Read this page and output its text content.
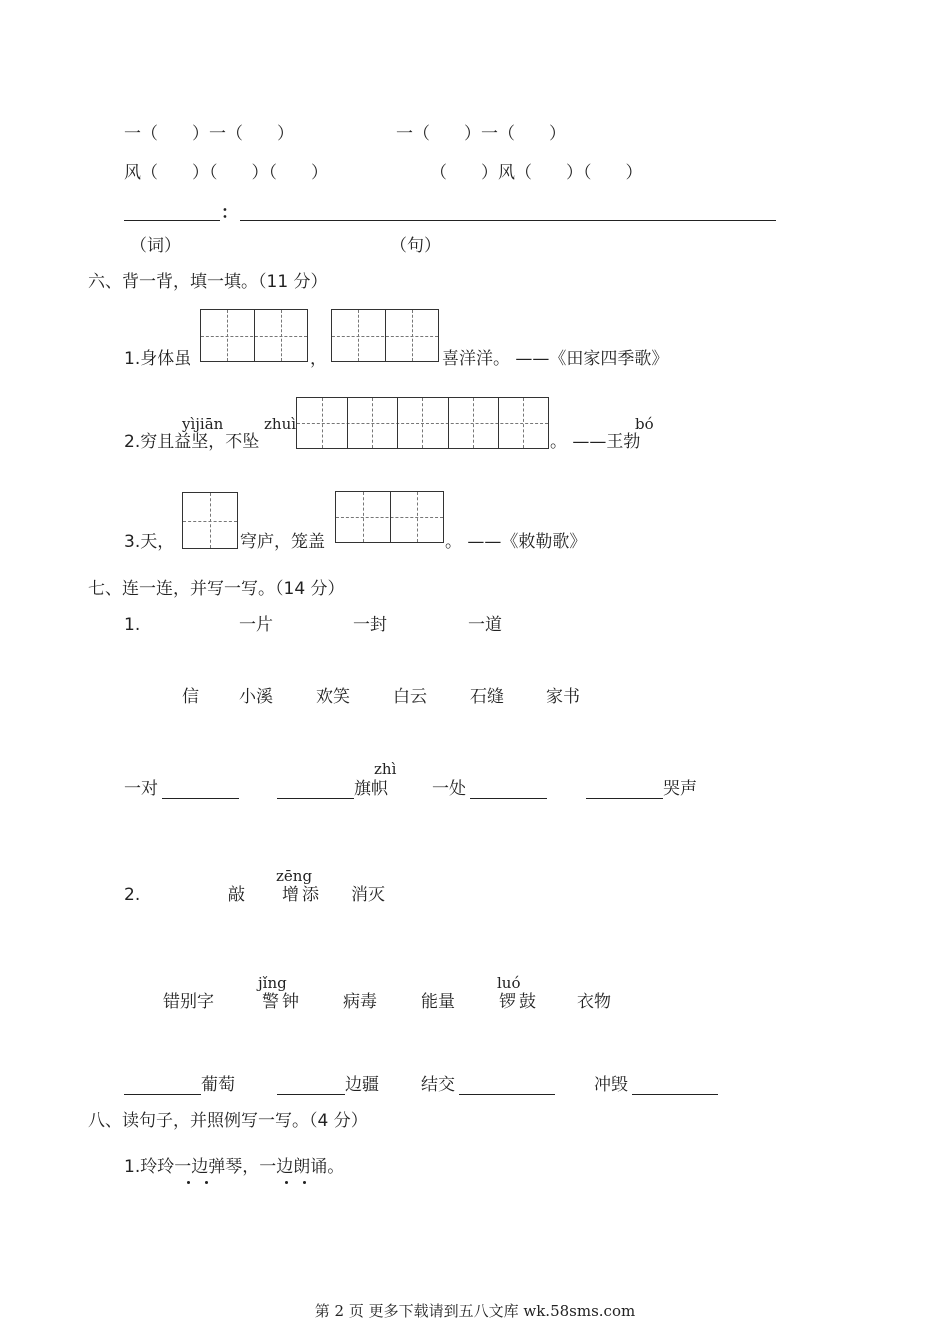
一（　　）一（　　）	一（　　）一（　　）
风（　　）（　　）（　　）	（　　）风（　　）（　　）
：
（词）	（句）
六、背一背，填一填。（11 分）
1.身体虽	，	喜洋洋。 ——《田家四季歌》
yìjiān	zhuì	bó
2.穷且益坚，不坠	。 ——王勃
3.天，	穹庐，笼盖	。 ——《敕勒歌》
七、连一连，并写一写。（14 分）
1.	一片	一封	一道
信 小溪	欢笑	白云	石缝 家书
zhì
一对	旗帜	一处	哭声
2.
zēng
敲 增添 消灭
jǐng	luó
错别字	警钟 病毒	能量	锣鼓 衣物
葡萄	边疆 结交	冲毁
八、读句子，并照例写一写。（4 分）
1.玲玲一边弹琴，一边朗诵。
第 2 页 更多下载请到五八文库 wk.58sms.com
